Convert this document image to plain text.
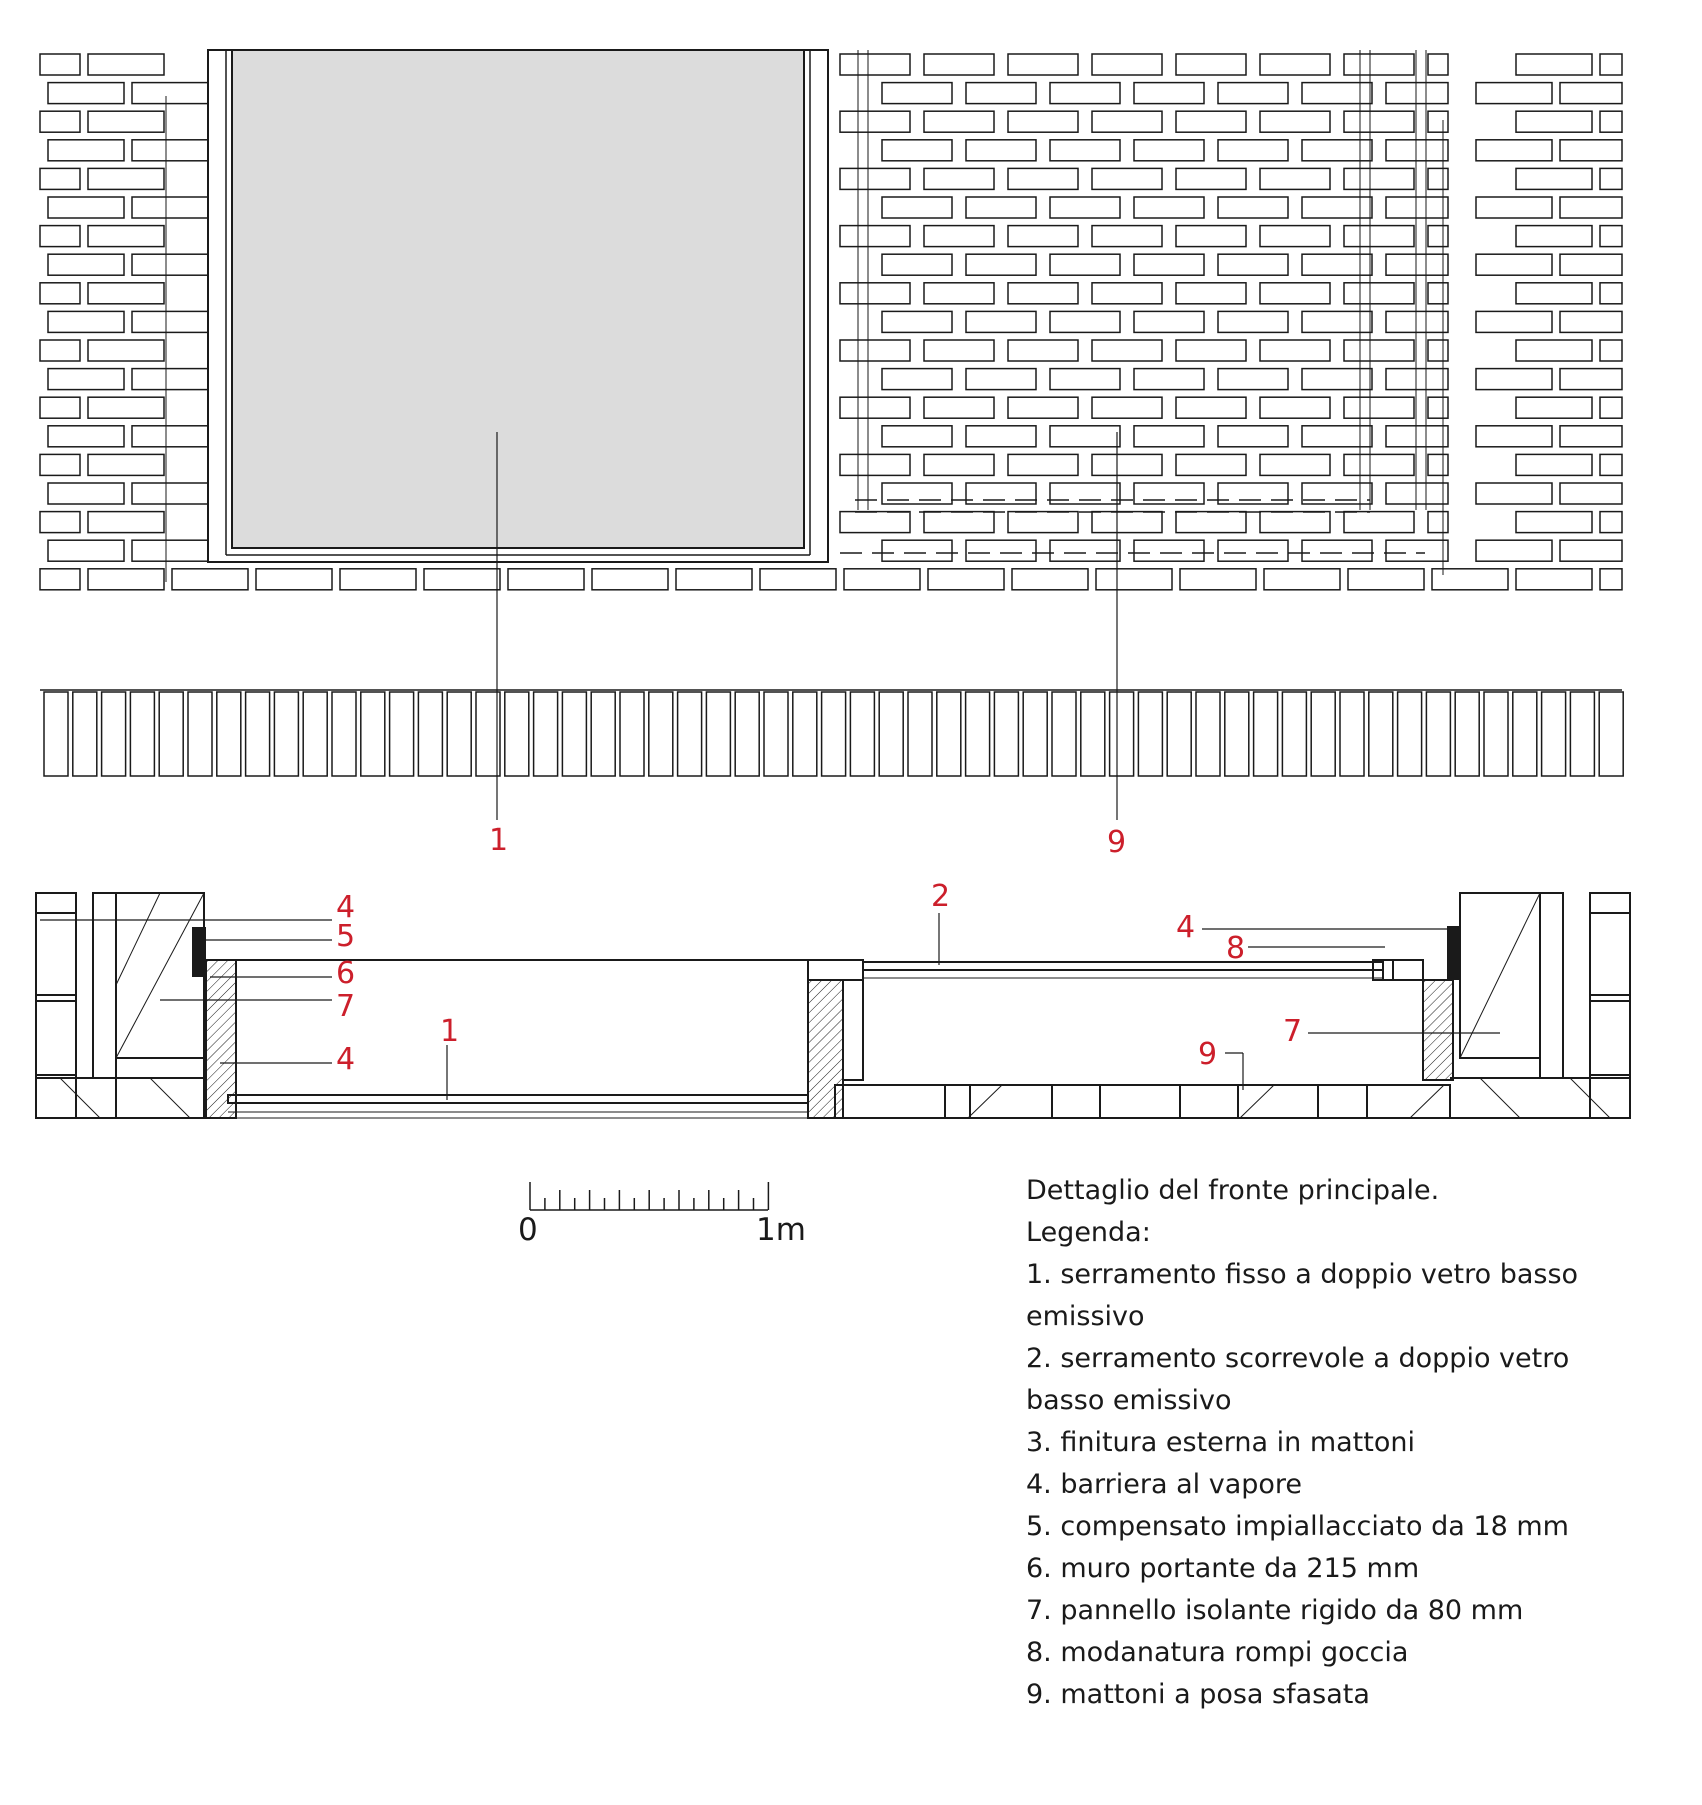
1	9
4
5
6
7
4
1
2
4
8
7
9
0	1m
Dettaglio del fronte principale.
Legenda:
1. serramento fisso a doppio vetro basso emissivo
2. serramento scorrevole a doppio vetro basso emissivo
3. finitura esterna in mattoni
4. barriera al vapore
5. compensato impiallacciato da 18 mm
6. muro portante da 215 mm
7. pannello isolante rigido da 80 mm
8. modanatura rompi goccia
9. mattoni a posa sfasata
